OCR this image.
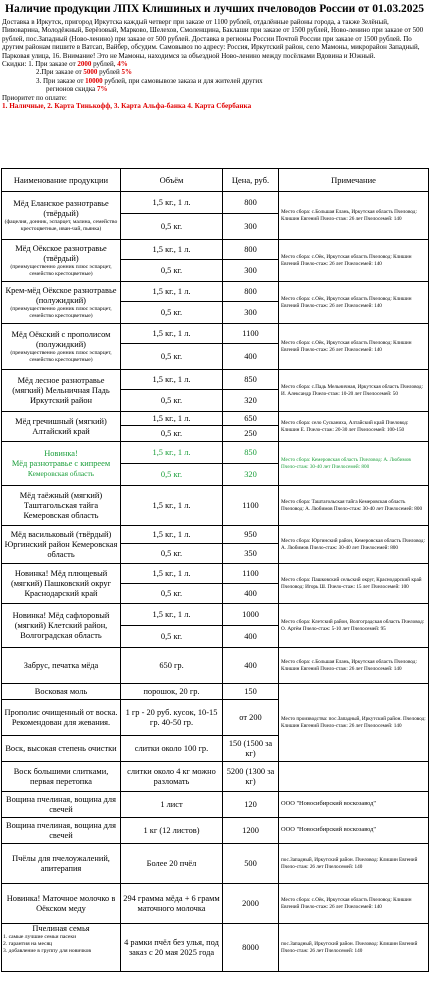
Наличие продукции ЛПХ Клишиных и лучших пчеловодов России от 01.03.2025

Доставка в Иркутск, пригород Иркутска каждый четверг при заказе от 1100 рублей, отдалённые районы города, а также Зелёный, Пивоварина, Молодёжный, Берёзовый, Марково, Шелехов, Смоленщина, Баклаши при заказе от 1500 рублей, Ново-ленино при заказе от 500 рублей, пос.Западный (Ново-ленино) при заказе от 500 рублей. Доставка в регионы России Почтой России при заказе от 1500 рублей. По другим районам пишите в Ватсап, Вайбер, обсудим. Самовывоз по адресу: Россия, Иркутский район, село Мамоны, микрорайон Западный, Парковая улица, 16. Внимание! Это не Мамоны, находимся за объездной Ново-ленино между посёлками Вдовина и Южный.

Скидки: 1. При заказе от 2000 рублей, 4%

2.При заказе от 5000 рублей 5%

3. При заказе от 10000 рублей, при самовывозе заказа и для жителей других

регионов скидка 7%

Приоритет по оплате:

1. Наличные, 2. Карта Тинькофф, 3. Карта Альфа-банка 4. Карта Сбербанка

Наименование продукции	Объём	Цена, руб.	Примечание
Мёд Еланское разнотравье (твёрдый)
(фацелия, донник, эспарцет, малина, семейство крестоцветные, иван-чай, пьянка)	1,5 кг., 1 л.	800	Место сбора: с.Большая Елань, Иркутская область Пчеловод: Клишин Евгений Пчело-стаж: 26 лет Пчелосемей: 140
	0,5 кг.	300	
Мёд Оёкское разнотравье (твёрдый)
(преимущественно донник плюс эспарцет, семейство крестоцветные)	1,5 кг., 1 л.	800	Место сбора: с.Оёк, Иркутская область Пчеловод: Клишин Евгений Пчело-стаж: 26 лет Пчелосемей: 140
	0,5 кг.	300	
Крем-мёд Оёкское разнотравье (полужидкий)
(преимущественно донник плюс эспарцет, семейство крестоцветные)	1,5 кг., 1 л.	800	Место сбора: с.Оёк, Иркутская область Пчеловод: Клишин Евгений Пчело-стаж: 26 лет Пчелосемей: 140
	0,5 кг.	300	
Мёд Оёкский с прополисом (полужидкий)
(преимущественно донник плюс эспарцет, семейство крестоцветные)	1,5 кг., 1 л.	1100	Место сбора: с.Оёк, Иркутская область Пчеловод: Клишин Евгений Пчело-стаж: 26 лет Пчелосемей: 140
	0,5 кг.	400	
Мёд лесное разнотравье (мягкий) Мельничная Падь Иркутский район	1,5 кг., 1 л.	850	Место сбора: с.Падь Мельничная, Иркутская область Пчеловод: И. Александр Пчело-стаж: 10-20 лет Пчелосемей: 50
	0,5 кг.	320	
Мёд гречишный (мягкий) Алтайский край	1,5 кг., 1 л.	650	Место сбора: село Сусканиха, Алтайский край Пчеловод: Клишин Е. Пчело-стаж: 20-30 лет Пчелосемей: 100-150
	0,5 кг.	250	

Новинка!
Мёд разнотравье с кипреем
Кемеровская область	1,5 кг., 1 л.	850	Место сбора: Кемеровская область Пчеловод: А. Любимов Пчело-стаж: 30-40 лет Пчелосемей: 800
	0,5 кг.	320	
Мёд таёжный (мягкий) Таштагольская тайга Кемеровская область	1,5 кг., 1 л.	1100	Место сбора: Таштагольская тайга Кемеровская область Пчеловод: А. Любимов Пчело-стаж: 30-40 лет Пчелосемей: 800
Мёд васильковый (твёрдый) Юргинский район Кемеровская область	1,5 кг., 1 л.	950	Место сбора: Юргинский район, Кемеровская область Пчеловод: А. Любимов Пчело-стаж: 30-40 лет Пчелосемей: 800
	0,5 кг.	350	
Новинка! Мёд плющевый (мягкий) Пашковский округ Краснодарский край	1,5 кг., 1 л.	1100	Место сбора: Пашковский сельский округ, Краснодарский край Пчеловод: Игорь Ш. Пчело-стаж: 15 лет Пчелосемей: 100
	0,5 кг.	400	
Новинка! Мёд сафлоровый (мягкий) Клетский район, Волгоградская область	1,5 кг., 1 л.	1000	Место сбора: Клетский район, Волгоградская область Пчеловод: О. Артём Пчело-стаж: 5-10 лет Пчелосемей: 95
	0,5 кг.	400	
Забрус, печатка мёда	650 гр.	400	Место сбора: с.Большая Елань, Иркутская область Пчеловод: Клишин Евгений Пчело-стаж: 26 лет Пчелосемей: 140
Восковая моль	порошок, 20 гр.	150	Место производства: пос.Западный, Иркутский район. Пчеловод: Клишин Евгений Пчело-стаж: 26 лет Пчелосемей: 140
Прополис очищенный от воска. Рекомендован для жевания.	1 гр - 20 руб. кусок, 10-15 гр. 40-50 гр.	от 200	
Воск, высокая степень очистки	слитки около 100 гр.	150 (1500 за кг)	
Воск большими слитками, первая перетопка	слитки около 4 кг можно разломать	5200 (1300 за кг)	
Вощина пчелиная, вощина для свечей	1 лист	120	ООО "Новосибирский воскозавод"
Вощина пчелиная, вощина для свечей	1 кг (12 листов)	1200	ООО "Новосибирский воскозавод"
Пчёлы для пчелоужалений, апитерапия	Более 20 пчёл	500	пос.Западный, Иркутский район. Пчеловод: Клишин Евгений Пчело-стаж: 26 лет Пчелосемей: 140
Новинка! Маточное молочко в Оёкском меду	294 грамма мёда + 6 грамм маточного молочка	2000	Место сбора: с.Оёк, Иркутская область Пчеловод: Клишин Евгений Пчело-стаж: 26 лет Пчелосемей: 140

Пчелиная семья
1. самые лучшие семьи пасеки
2. гарантия на месяц
3. добавление в группу для новичков	4 рамки пчёл без улья, под заказ с 20 мая 2025 года	8000	пос.Западный, Иркутский район. Пчеловод: Клишин Евгений Пчело-стаж: 26 лет Пчелосемей: 140
